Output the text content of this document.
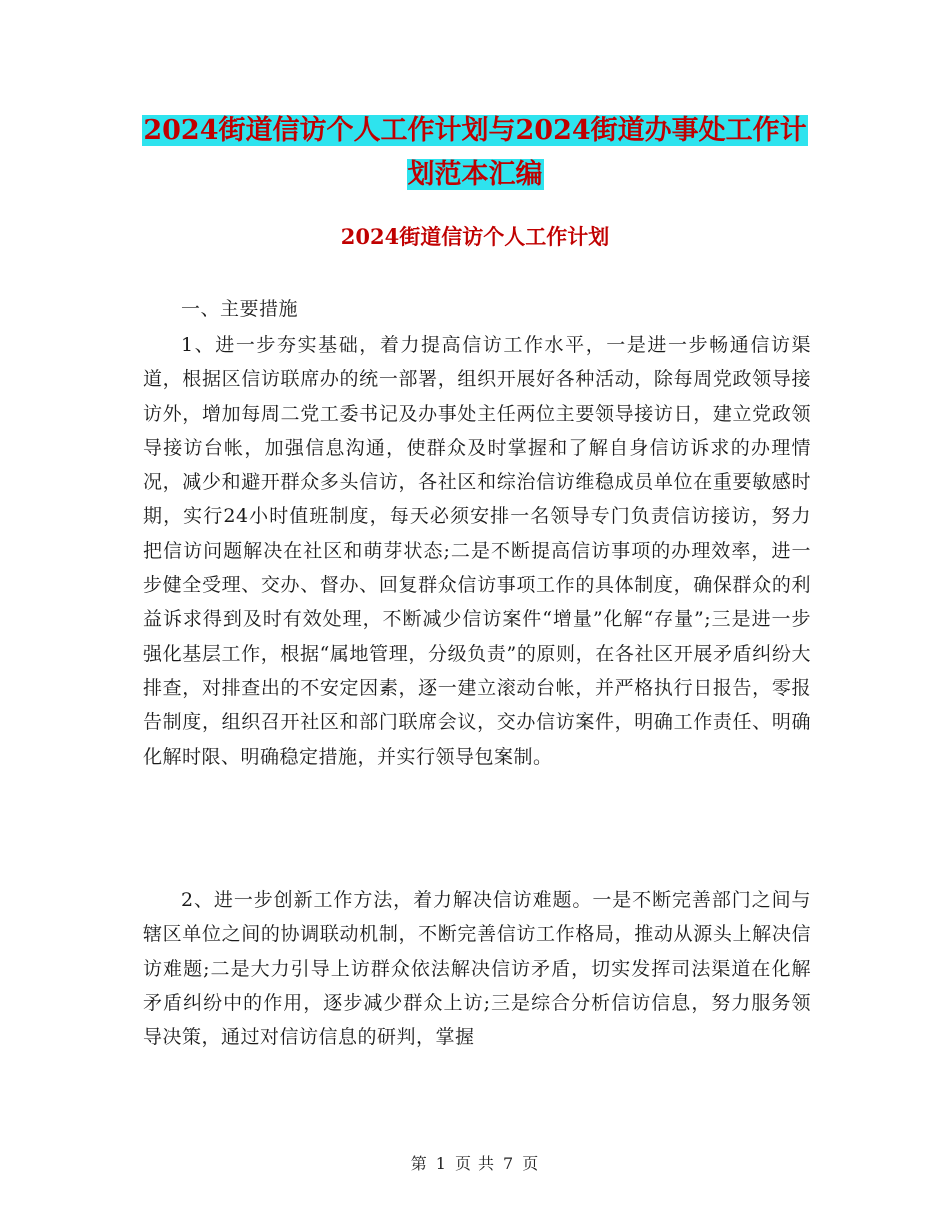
2024街道信访个人工作计划与2024街道办事处工作计
划范本汇编
2024街道信访个人工作计划

一、主要措施

1、进一步夯实基础，着力提高信访工作水平，一是进一步畅通信访渠道，根据区信访联席办的统一部署，组织开展好各种活动，除每周党政领导接访外，增加每周二党工委书记及办事处主任两位主要领导接访日，建立党政领导接访台帐，加强信息沟通，使群众及时掌握和了解自身信访诉求的办理情况，减少和避开群众多头信访，各社区和综治信访维稳成员单位在重要敏感时期，实行24小时值班制度，每天必须安排一名领导专门负责信访接访，努力把信访问题解决在社区和萌芽状态;二是不断提高信访事项的办理效率，进一步健全受理、交办、督办、回复群众信访事项工作的具体制度，确保群众的利益诉求得到及时有效处理，不断减少信访案件“增量”化解“存量”;三是进一步强化基层工作，根据“属地管理，分级负责”的原则，在各社区开展矛盾纠纷大排查，对排查出的不安定因素，逐一建立滚动台帐，并严格执行日报告，零报告制度，组织召开社区和部门联席会议，交办信访案件，明确工作责任、明确化解时限、明确稳定措施，并实行领导包案制。

2、进一步创新工作方法，着力解决信访难题。一是不断完善部门之间与辖区单位之间的协调联动机制，不断完善信访工作格局，推动从源头上解决信访难题;二是大力引导上访群众依法解决信访矛盾，切实发挥司法渠道在化解矛盾纠纷中的作用，逐步减少群众上访;三是综合分析信访信息，努力服务领导决策，通过对信访信息的研判，掌握

第 1 页 共 7 页
